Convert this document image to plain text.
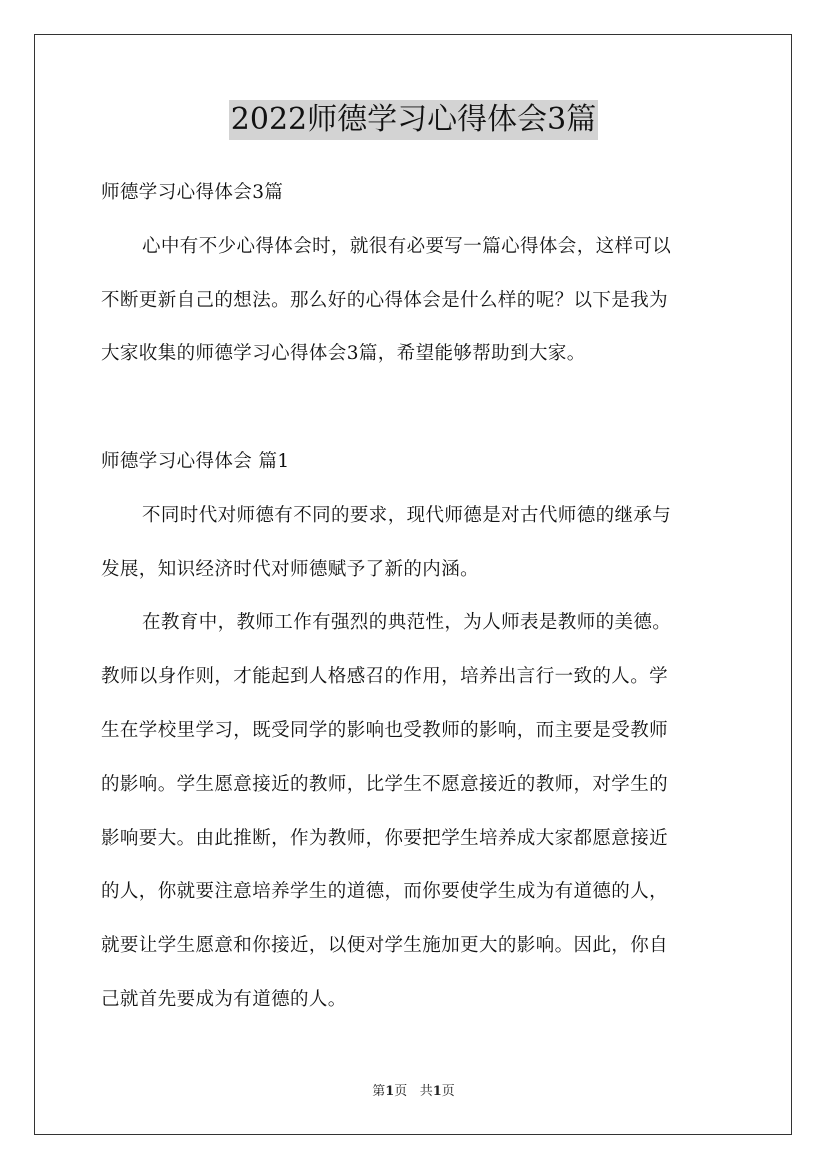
2022师德学习心得体会3篇
师德学习心得体会3篇
心中有不少心得体会时，就很有必要写一篇心得体会，这样可以
不断更新自己的想法。那么好的心得体会是什么样的呢？以下是我为
大家收集的师德学习心得体会3篇，希望能够帮助到大家。
师德学习心得体会 篇1
不同时代对师德有不同的要求，现代师德是对古代师德的继承与
发展，知识经济时代对师德赋予了新的内涵。
在教育中，教师工作有强烈的典范性，为人师表是教师的美德。
教师以身作则，才能起到人格感召的作用，培养出言行一致的人。学
生在学校里学习，既受同学的影响也受教师的影响，而主要是受教师
的影响。学生愿意接近的教师，比学生不愿意接近的教师，对学生的
影响要大。由此推断，作为教师，你要把学生培养成大家都愿意接近
的人，你就要注意培养学生的道德，而你要使学生成为有道德的人，
就要让学生愿意和你接近，以便对学生施加更大的影响。因此，你自
己就首先要成为有道德的人。
第1页 共1页
